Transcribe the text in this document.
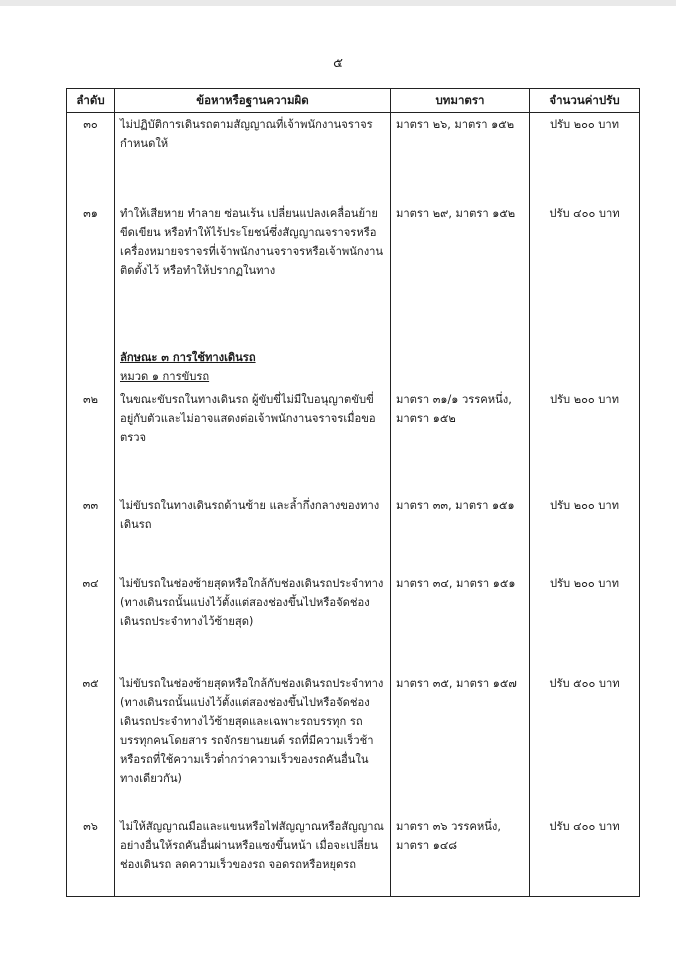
๕
ลำดับ	ข้อหาหรือฐานความผิด	บทมาตรา	จำนวนค่าปรับ
๓๐	ไม่ปฏิบัติการเดินรถตามสัญญาณที่เจ้าพนักงานจราจรกำหนดให้	มาตรา ๒๖, มาตรา ๑๕๒	ปรับ ๒๐๐ บาท
๓๑	ทำให้เสียหาย ทำลาย ซ่อนเร้น เปลี่ยนแปลงเคลื่อนย้าย ขีดเขียน หรือทำให้ไร้ประโยชน์ซึ่งสัญญาณจราจรหรือเครื่องหมายจราจรที่เจ้าพนักงานจราจรหรือเจ้าพนักงานติดตั้งไว้ หรือทำให้ปรากฏในทาง	มาตรา ๒๙, มาตรา ๑๕๒	ปรับ ๔๐๐ บาท

	ลักษณะ ๓ การใช้ทางเดินรถ
หมวด ๑ การขับรถ		

๓๒	ในขณะขับรถในทางเดินรถ ผู้ขับขี่ไม่มีใบอนุญาตขับขี่อยู่กับตัวและไม่อาจแสดงต่อเจ้าพนักงานจราจรเมื่อขอตรวจ	มาตรา ๓๑/๑ วรรคหนึ่ง, มาตรา ๑๕๒	ปรับ ๒๐๐ บาท
๓๓	ไม่ขับรถในทางเดินรถด้านซ้าย และล้ำกึ่งกลางของทางเดินรถ	มาตรา ๓๓, มาตรา ๑๕๑	ปรับ ๒๐๐ บาท
๓๔	ไม่ขับรถในช่องซ้ายสุดหรือใกล้กับช่องเดินรถประจำทาง (ทางเดินรถนั้นแบ่งไว้ตั้งแต่สองช่องขึ้นไปหรือจัดช่องเดินรถประจำทางไว้ซ้ายสุด)	มาตรา ๓๔, มาตรา ๑๕๑	ปรับ ๒๐๐ บาท
๓๕	ไม่ขับรถในช่องซ้ายสุดหรือใกล้กับช่องเดินรถประจำทาง (ทางเดินรถนั้นแบ่งไว้ตั้งแต่สองช่องขึ้นไปหรือจัดช่องเดินรถประจำทางไว้ซ้ายสุดและเฉพาะรถบรรทุก รถบรรทุกคนโดยสาร รถจักรยานยนต์ รถที่มีความเร็วช้าหรือรถที่ใช้ความเร็วต่ำกว่าความเร็วของรถคันอื่นในทางเดียวกัน)	มาตรา ๓๕, มาตรา ๑๕๗	ปรับ ๕๐๐ บาท
๓๖	ไม่ให้สัญญาณมือและแขนหรือไฟสัญญาณหรือสัญญาณอย่างอื่นให้รถคันอื่นผ่านหรือแซงขึ้นหน้า เมื่อจะเปลี่ยนช่องเดินรถ ลดความเร็วของรถ จอดรถหรือหยุดรถ	มาตรา ๓๖ วรรคหนึ่ง, มาตรา ๑๔๘	ปรับ ๔๐๐ บาท
